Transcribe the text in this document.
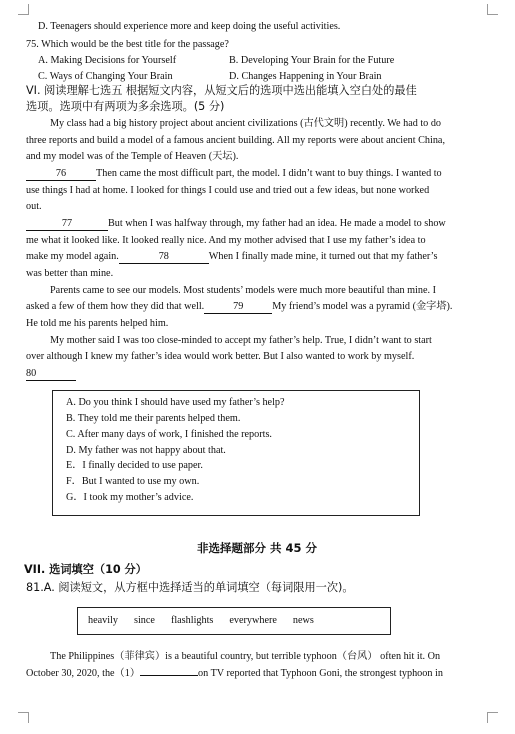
D. Teenagers should experience more and keep doing the useful activities.
75. Which would be the best title for the passage?
A. Making Decisions for Yourself	B. Developing Your Brain for the Future
C. Ways of Changing Your Brain	D. Changes Happening in Your Brain
VI. 阅读理解七选五 根据短文内容，从短文后的选项中选出能填入空白处的最佳
选项。选项中有两项为多余选项。(5 分)
My class had a big history project about ancient civilizations (古代文明) recently. We had to do
three reports and build a model of a famous ancient building. All my reports were about ancient China,
and my model was of the Temple of Heaven (天坛).
76	Then came the most difficult part, the model. I didn’t want to buy things. I wanted to
use things I had at home. I looked for things I could use and tried out a few ideas, but none worked
out.
77	But when I was halfway through, my father had an idea. He made a model to show
me what it looked like. It looked really nice. And my mother advised that I use my father’s idea to
make my model again.	78	When I finally made mine, it turned out that my father’s
was better than mine.
Parents came to see our models. Most students’ models were much more beautiful than mine. I
asked a few of them how they did that well.	79	My friend’s model was a pyramid (金字塔).
He told me his parents helped him.
My mother said I was too close-minded to accept my father’s help. True, I didn’t want to start
over although I knew my father’s idea would work better. But I also wanted to work by myself.
80
A. Do you think I should have used my father’s help?
B. They told me their parents helped them.
C. After many days of work, I finished the reports.
D. My father was not happy about that.
E．I finally decided to use paper.
F．But I wanted to use my own.
G．I took my mother’s advice.
非选择题部分 共 45 分
VII. 选词填空（10 分）
81.A. 阅读短文，从方框中选择适当的单词填空（每词限用一次)。
heavily since flashlights everywhere news
The Philippines（菲律宾）is a beautiful country, but terrible typhoon（台风） often hit it. On
October 30, 2020, the（1）	on TV reported that Typhoon Goni, the strongest typhoon in
